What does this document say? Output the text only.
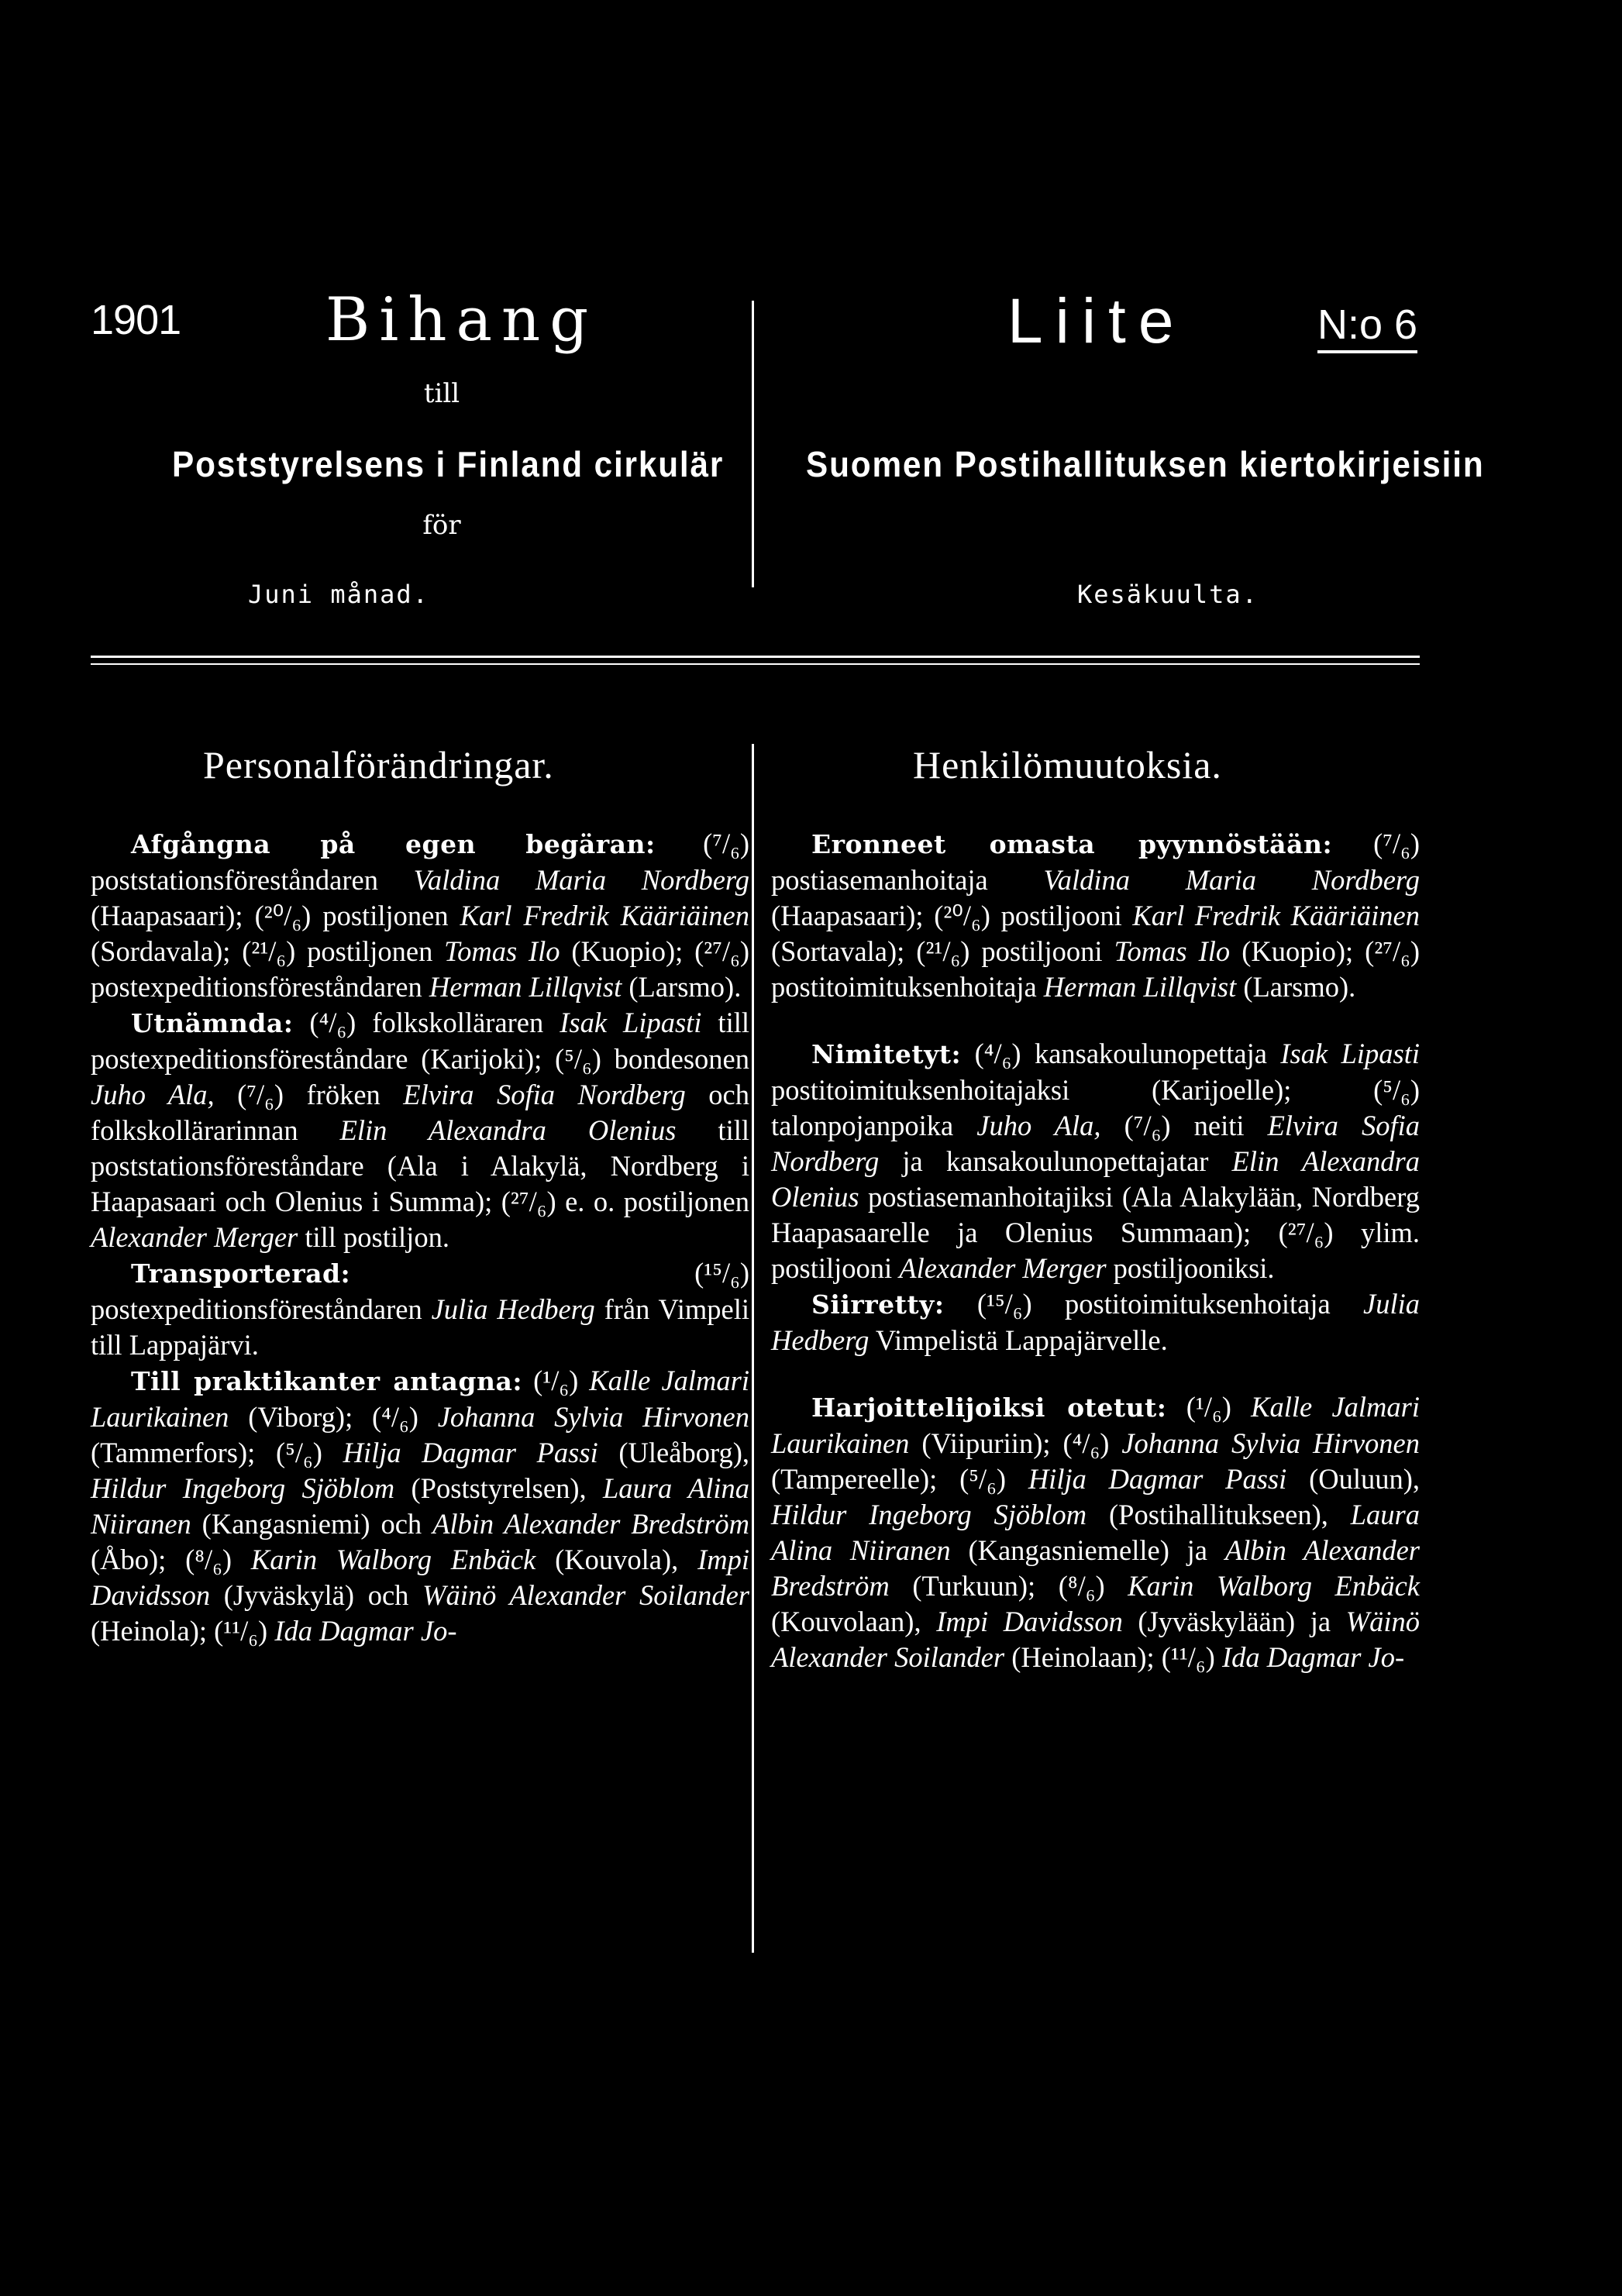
1901 Bihang
till
Poststyrelsens i Finland cirkulär
för
Juni månad.
Liite	N:o 6
Suomen Postihallituksen kiertokirjeisiin
Kesäkuulta.
Personalförändringar.	Henkilömuutoksia.

Afgångna på egen begäran: (⁷/₆) poststationsföreståndaren Valdina Maria Nordberg (Haapasaari); (²⁰/₆) postiljonen Karl Fredrik Kääriäinen (Sordavala); (²¹/₆) postiljonen Tomas Ilo (Kuopio); (²⁷/₆) postexpeditionsföreståndaren Herman Lillqvist (Larsmo).

Utnämnda: (⁴/₆) folkskolläraren Isak Lipasti till postexpeditionsföreståndare (Karijoki); (⁵/₆) bondesonen Juho Ala, (⁷/₆) fröken Elvira Sofia Nordberg och folkskollärarinnan Elin Alexandra Olenius till poststationsföreståndare (Ala i Alakylä, Nordberg i Haapasaari och Olenius i Summa); (²⁷/₆) e. o. postiljonen Alexander Merger till postiljon.

Transporterad: (¹⁵/₆) postexpeditionsföreståndaren Julia Hedberg från Vimpeli till Lappajärvi.

Till praktikanter antagna: (¹/₆) Kalle Jalmari Laurikainen (Viborg); (⁴/₆) Johanna Sylvia Hirvonen (Tammerfors); (⁵/₆) Hilja Dagmar Passi (Uleåborg), Hildur Ingeborg Sjöblom (Poststyrelsen), Laura Alina Niiranen (Kangasniemi) och Albin Alexander Bredström (Åbo); (⁸/₆) Karin Walborg Enbäck (Kouvola), Impi Davidsson (Jyväskylä) och Wäinö Alexander Soilander (Heinola); (¹¹/₆) Ida Dagmar Jo-

Eronneet omasta pyynnöstään: (⁷/₆) postiasemanhoitaja Valdina Maria Nordberg (Haapasaari); (²⁰/₆) postiljooni Karl Fredrik Kääriäinen (Sortavala); (²¹/₆) postiljooni Tomas Ilo (Kuopio); (²⁷/₆) postitoimituksenhoitaja Herman Lillqvist (Larsmo).

Nimitetyt: (⁴/₆) kansakoulunopettaja Isak Lipasti postitoimituksenhoitajaksi (Karijoelle); (⁵/₆) talonpojanpoika Juho Ala, (⁷/₆) neiti Elvira Sofia Nordberg ja kansakoulunopettajatar Elin Alexandra Olenius postiasemanhoitajiksi (Ala Alakylään, Nordberg Haapasaarelle ja Olenius Summaan); (²⁷/₆) ylim. postiljooni Alexander Merger postiljooniksi.

Siirretty: (¹⁵/₆) postitoimituksenhoitaja Julia Hedberg Vimpelistä Lappajärvelle.

Harjoittelijoiksi otetut: (¹/₆) Kalle Jalmari Laurikainen (Viipuriin); (⁴/₆) Johanna Sylvia Hirvonen (Tampereelle); (⁵/₆) Hilja Dagmar Passi (Ouluun), Hildur Ingeborg Sjöblom (Postihallitukseen), Laura Alina Niiranen (Kangasniemelle) ja Albin Alexander Bredström (Turkuun); (⁸/₆) Karin Walborg Enbäck (Kouvolaan), Impi Davidsson (Jyväskylään) ja Wäinö Alexander Soilander (Heinolaan); (¹¹/₆) Ida Dagmar Jo-
